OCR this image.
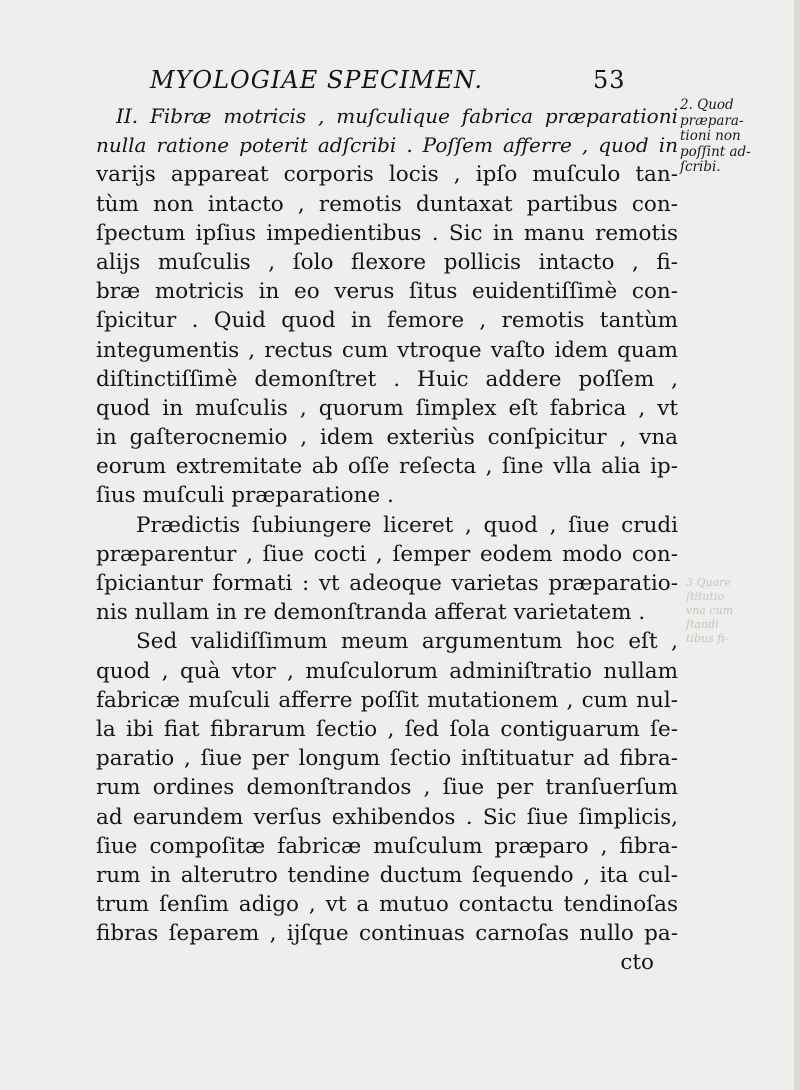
MYOLOGIAE SPECIMEN.	53
2. Quod
præpara-
tioni non
poſſint ad-
ſcribi.
3 Quare
ſtitutio
vna cum
ſtandi
tibus fi-
II. Fibræ motricis , muſculique fabrica præparationi
nulla ratione poterit adſcribi . Poſſem afferre , quod in
varijs appareat corporis locis , ipſo muſculo tan-
tùm non intacto , remotis duntaxat partibus con-
ſpectum ipſius impedientibus . Sic in manu remotis
alijs muſculis , ſolo flexore pollicis intacto , fi-
bræ motricis in eo verus ſitus euidentiſſimè con-
ſpicitur . Quid quod in femore , remotis tantùm
integumentis , rectus cum vtroque vaſto idem quam
diſtinctiſſimè demonſtret . Huic addere poſſem ,
quod in muſculis , quorum ſimplex eſt fabrica , vt
in gaſterocnemio , idem exteriùs conſpicitur , vna
eorum extremitate ab oſſe reſecta , ſine vlla alia ip-
ſius muſculi præparatione .
Prædictis ſubiungere liceret , quod , ſiue crudi
præparentur , ſiue cocti , ſemper eodem modo con-
ſpiciantur formati : vt adeoque varietas præparatio-
nis nullam in re demonſtranda afferat varietatem .
Sed validiſſimum meum argumentum hoc eſt ,
quod , quà vtor , muſculorum adminiſtratio nullam
fabricæ muſculi afferre poſſit mutationem , cum nul-
la ibi fiat fibrarum ſectio , ſed ſola contiguarum ſe-
paratio , ſiue per longum ſectio inſtituatur ad fibra-
rum ordines demonſtrandos , ſiue per tranſuerſum
ad earundem verſus exhibendos . Sic ſiue ſimplicis,
ſiue compoſitæ fabricæ muſculum præparo , fibra-
rum in alterutro tendine ductum ſequendo , ita cul-
trum ſenſim adigo , vt a mutuo contactu tendinoſas
fibras ſeparem , ijſque continuas carnoſas nullo pa-
cto
